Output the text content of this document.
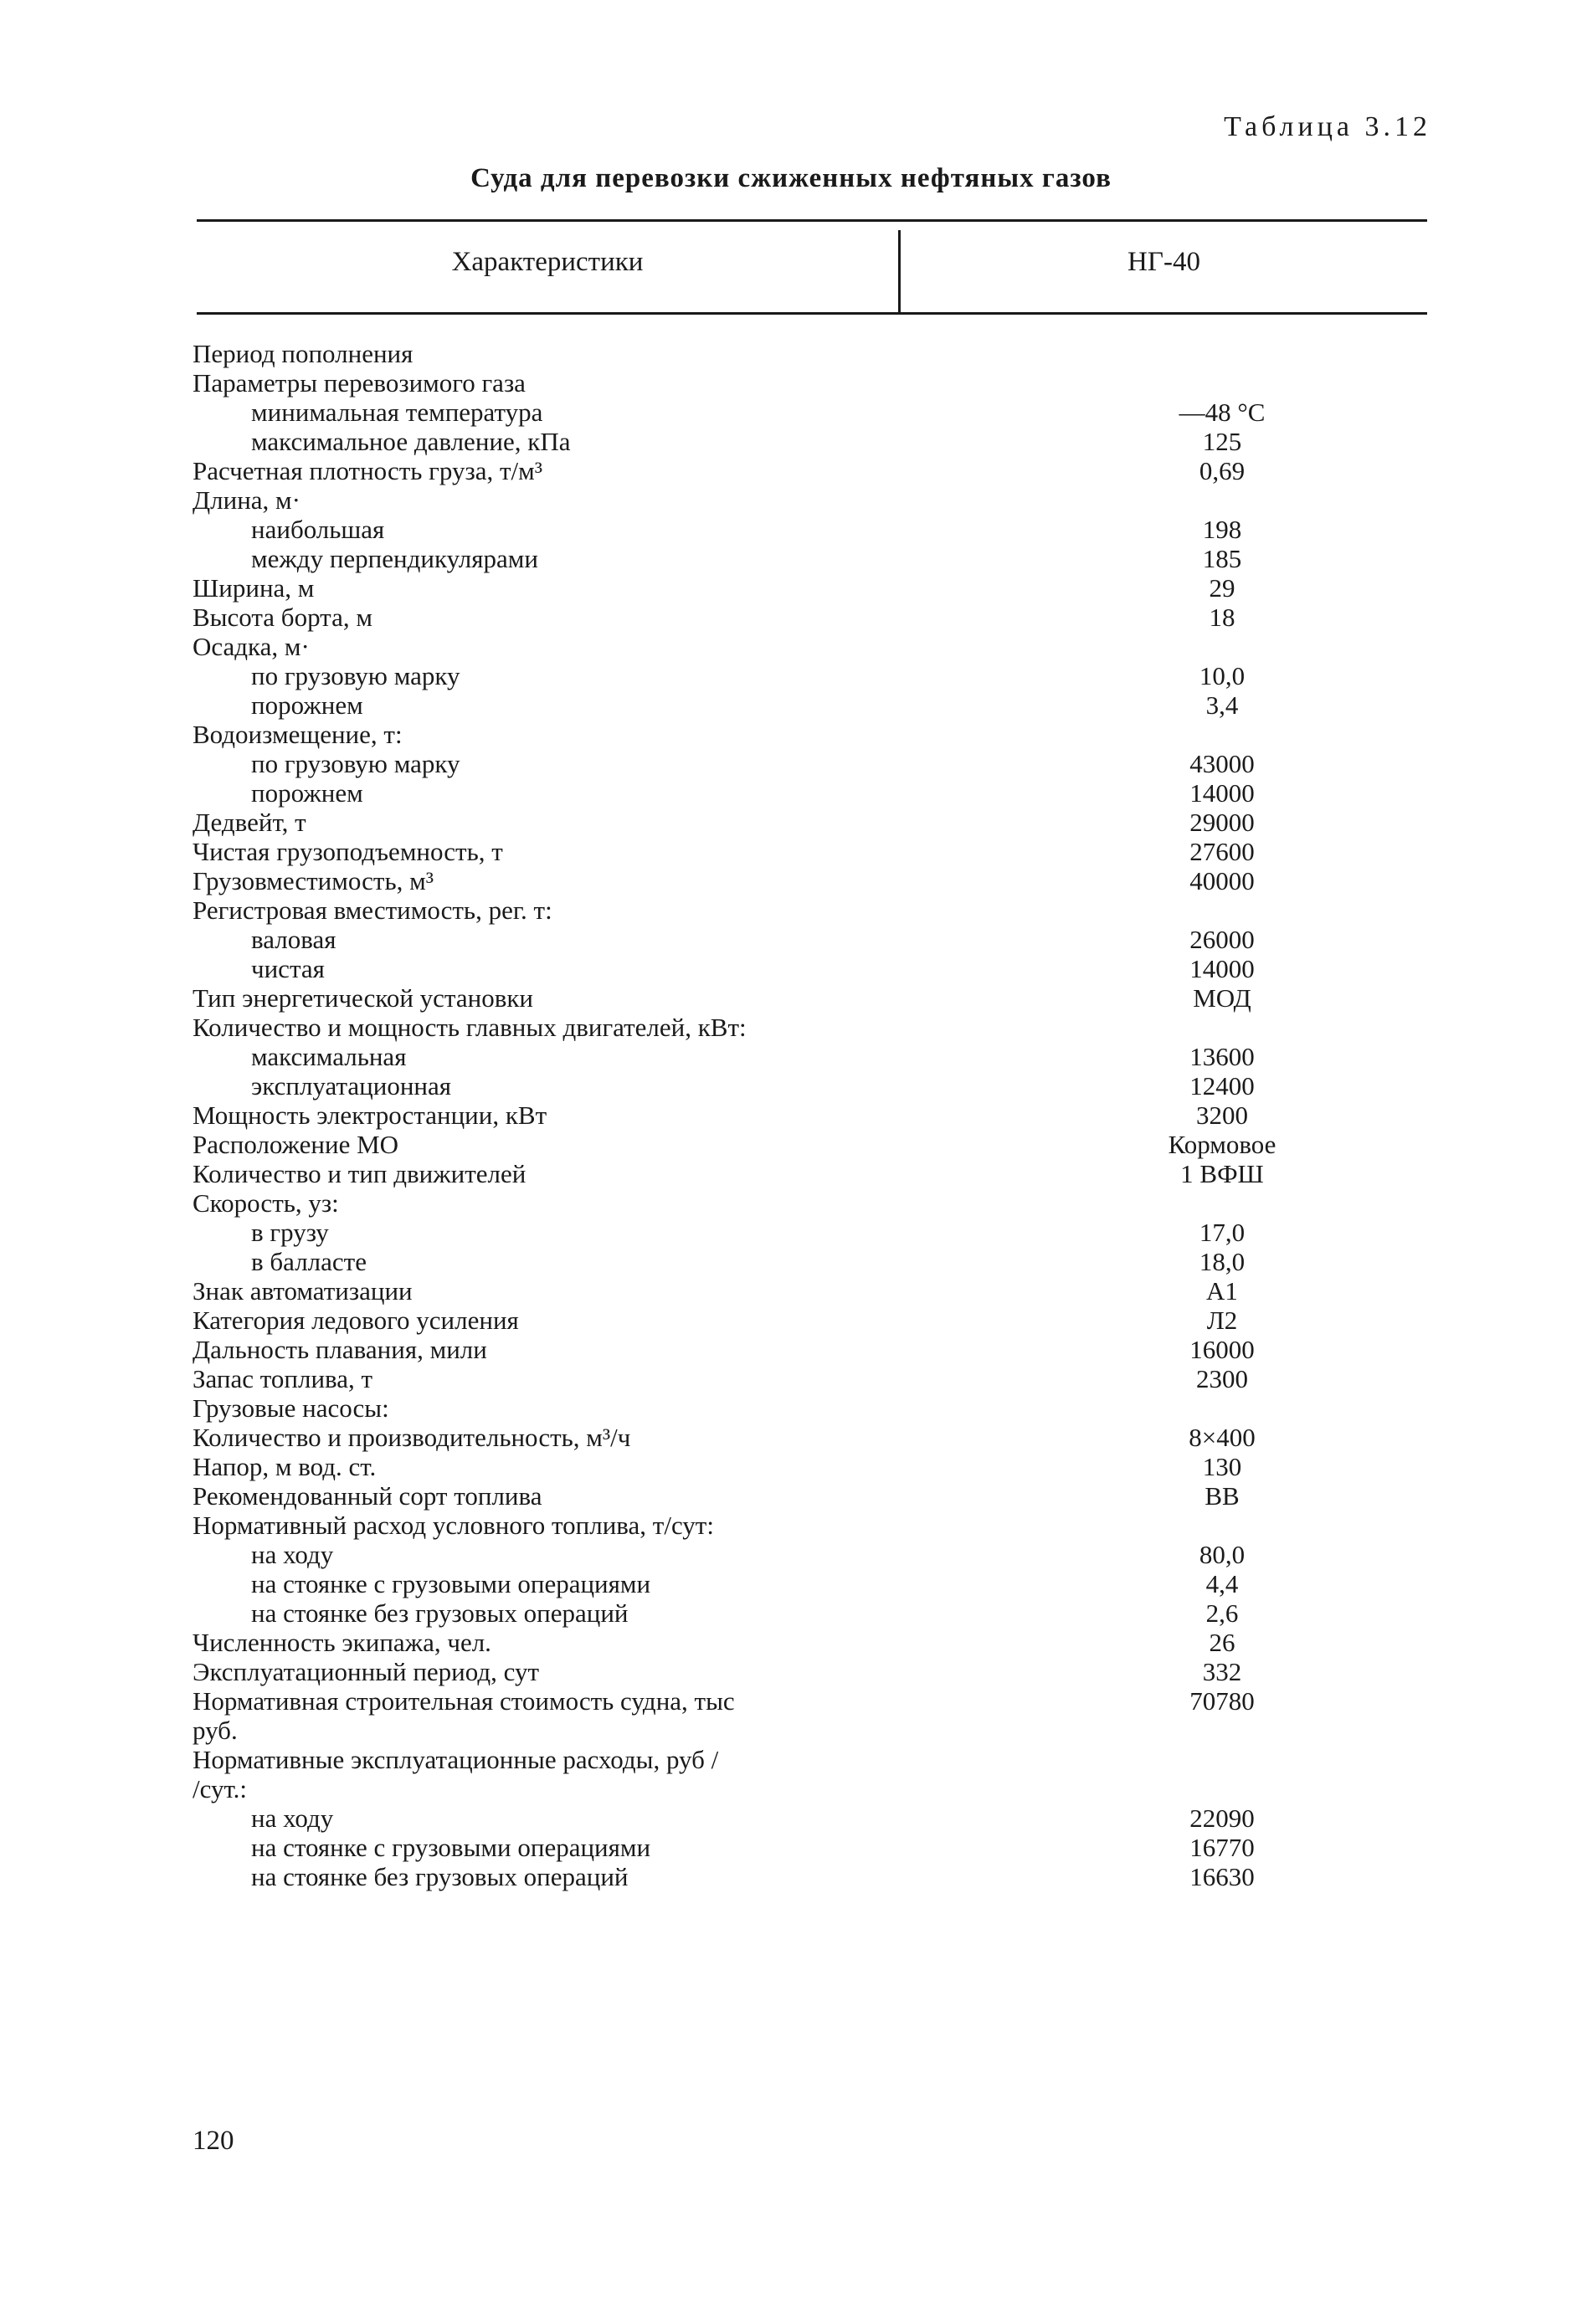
Таблица 3.12
Суда для перевозки сжиженных нефтяных газов
Характеристики	НГ-40
Период пополнения
Параметры перевозимого газа
минимальная температура	—48 °С
максимальное давление, кПа	125
Расчетная плотность груза, т/м³	0,69
Длина, м·
наибольшая	198
между перпендикулярами	185
Ширина, м	29
Высота борта, м	18
Осадка, м·
по грузовую марку	10,0
порожнем	3,4
Водоизмещение, т:
по грузовую марку	43000
порожнем	14000
Дедвейт, т	29000
Чистая грузоподъемность, т	27600
Грузовместимость, м³	40000
Регистровая вместимость, рег. т:
валовая	26000
чистая	14000
Тип энергетической установки	МОД
Количество и мощность главных двигателей, кВт:
максимальная	13600
эксплуатационная	12400
Мощность электростанции, кВт	3200
Расположение МО	Кормовое
Количество и тип движителей	1 ВФШ
Скорость, уз:
в грузу	17,0
в балласте	18,0
Знак автоматизации	А1
Категория ледового усиления	Л2
Дальность плавания, мили	16000
Запас топлива, т	2300
Грузовые насосы:
Количество и производительность, м³/ч	8×400
Напор, м вод. ст.	130
Рекомендованный сорт топлива	ВВ
Нормативный расход условного топлива, т/сут:
на ходу	80,0
на стоянке с грузовыми операциями	4,4
на стоянке без грузовых операций	2,6
Численность экипажа, чел.	26
Эксплуатационный период, сут	332
Нормативная строительная стоимость судна, тыс	70780
руб.
Нормативные эксплуатационные расходы, руб /
/сут.:
на ходу	22090
на стоянке с грузовыми операциями	16770
на стоянке без грузовых операций	16630
120
